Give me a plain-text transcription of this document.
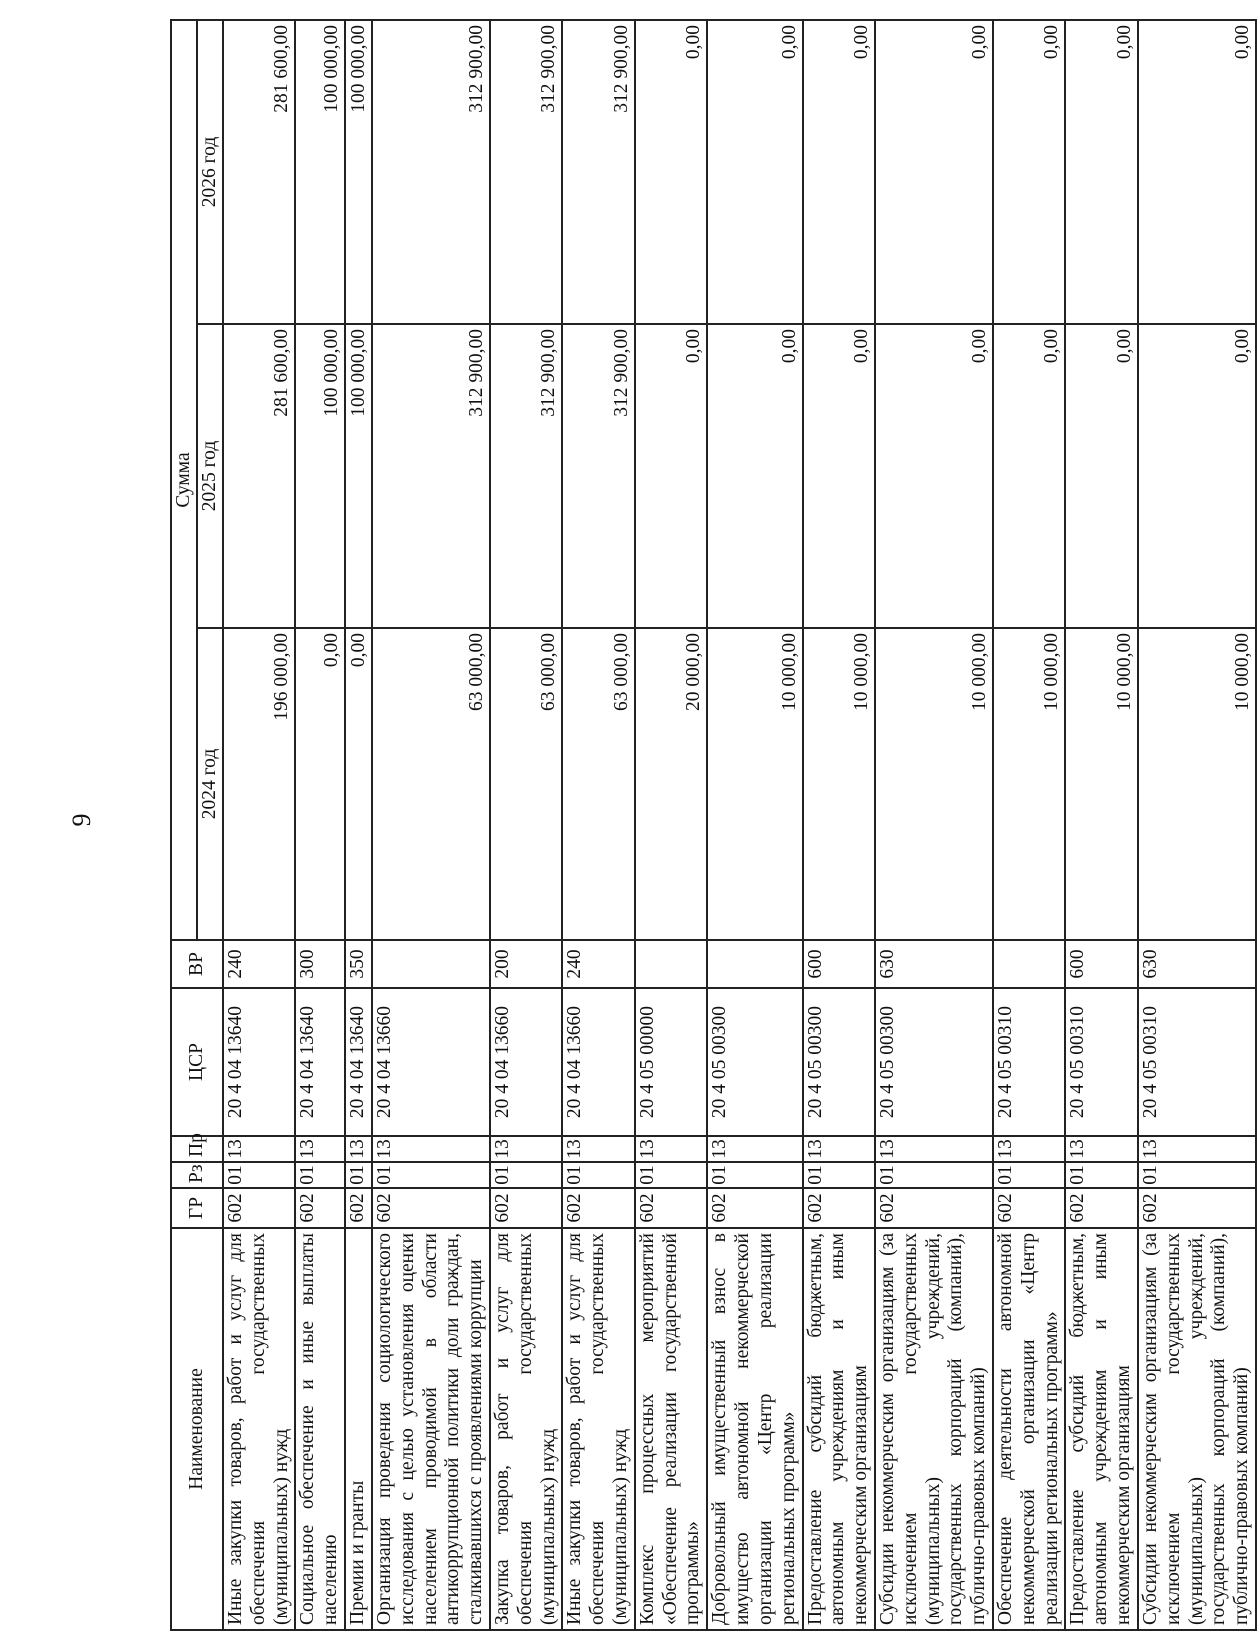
9
Наименование	ГР	Рз	Пр	ЦСР	ВР	Сумма		
						2024 год	2025 год	2026 год
Иные закупки товаров, работ и услуг для обеспечения государственных (муниципальных) нужд	602	01	13	20 4 04 13640	240	196 000,00	281 600,00	281 600,00
Социальное обеспечение и иные выплаты населению	602	01	13	20 4 04 13640	300	0,00	100 000,00	100 000,00
Премии и гранты	602	01	13	20 4 04 13640	350	0,00	100 000,00	100 000,00
Организация проведения социологического исследования с целью установления оценки населением проводимой в области антикоррупционной политики доли граждан, сталкивавшихся с проявлениями коррупции	602	01	13	20 4 04 13660		63 000,00	312 900,00	312 900,00
Закупка товаров, работ и услуг для обеспечения государственных (муниципальных) нужд	602	01	13	20 4 04 13660	200	63 000,00	312 900,00	312 900,00
Иные закупки товаров, работ и услуг для обеспечения государственных (муниципальных) нужд	602	01	13	20 4 04 13660	240	63 000,00	312 900,00	312 900,00
Комплекс процессных мероприятий «Обеспечение реализации государственной программы»	602	01	13	20 4 05 00000		20 000,00	0,00	0,00
Добровольный имущественный взнос в имущество автономной некоммерческой организации «Центр реализации региональных программ»	602	01	13	20 4 05 00300		10 000,00	0,00	0,00
Предоставление субсидий бюджетным, автономным учреждениям и иным некоммерческим организациям	602	01	13	20 4 05 00300	600	10 000,00	0,00	0,00
Субсидии некоммерческим организациям (за исключением государственных (муниципальных) учреждений, государственных корпораций (компаний), публично-правовых компаний)	602	01	13	20 4 05 00300	630	10 000,00	0,00	0,00
Обеспечение деятельности автономной некоммерческой организации «Центр реализации региональных программ»	602	01	13	20 4 05 00310		10 000,00	0,00	0,00
Предоставление субсидий бюджетным, автономным учреждениям и иным некоммерческим организациям	602	01	13	20 4 05 00310	600	10 000,00	0,00	0,00
Субсидии некоммерческим организациям (за исключением государственных (муниципальных) учреждений, государственных корпораций (компаний), публично-правовых компаний)	602	01	13	20 4 05 00310	630	10 000,00	0,00	0,00
